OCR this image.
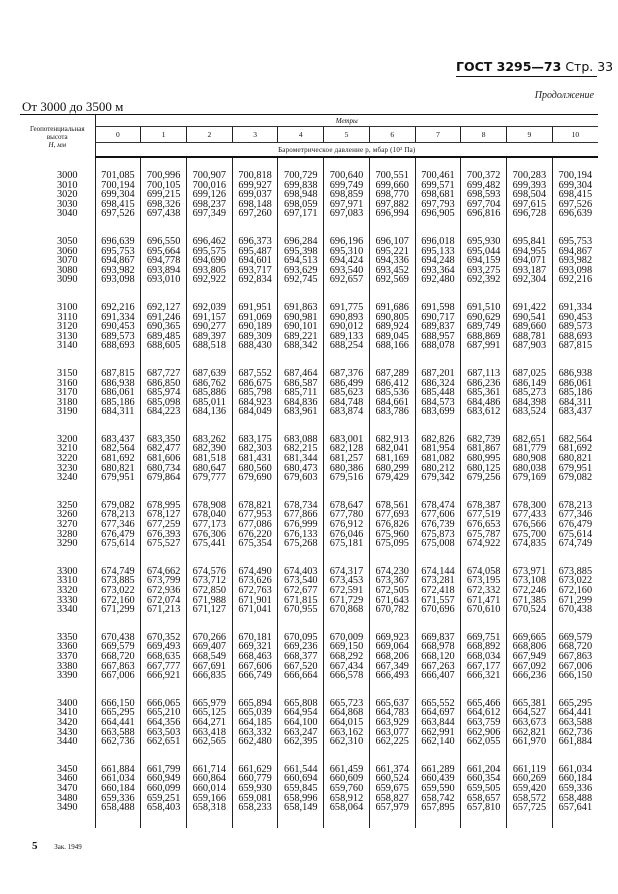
ГОСТ 3295—73 Стр. 33
Продолжение
От 3000 до 3500 м
Геопотенциальная
высота
H, мм	Метры										
	0	1	2	3	4	5	6	7	8	9	10
	Барометрическое давление p, мбар (10² Па)										

3000	701,085	700,996	700,907	700,818	700,729	700,640	700,551	700,461	700,372	700,283	700,194
3010	700,194	700,105	700,016	699,927	699,838	699,749	699,660	699,571	699,482	699,393	699,304
3020	699,304	699,215	699,126	699,037	698,948	698,859	698,770	698,681	698,593	698,504	698,415
3030	698,415	698,326	698,237	698,148	698,059	697,971	697,882	697,793	697,704	697,615	697,526
3040	697,526	697,438	697,349	697,260	697,171	697,083	696,994	696,905	696,816	696,728	696,639

3050	696,639	696,550	696,462	696,373	696,284	696,196	696,107	696,018	695,930	695,841	695,753
3060	695,753	695,664	695,575	695,487	695,398	695,310	695,221	695,133	695,044	694,955	694,867
3070	694,867	694,778	694,690	694,601	694,513	694,424	694,336	694,248	694,159	694,071	693,982
3080	693,982	693,894	693,805	693,717	693,629	693,540	693,452	693,364	693,275	693,187	693,098
3090	693,098	693,010	692,922	692,834	692,745	692,657	692,569	692,480	692,392	692,304	692,216

3100	692,216	692,127	692,039	691,951	691,863	691,775	691,686	691,598	691,510	691,422	691,334
3110	691,334	691,246	691,157	691,069	690,981	690,893	690,805	690,717	690,629	690,541	690,453
3120	690,453	690,365	690,277	690,189	690,101	690,012	689,924	689,837	689,749	689,660	689,573
3130	689,573	689,485	689,397	689,309	689,221	689,133	689,045	688,957	688,869	688,781	688,693
3140	688,693	688,605	688,518	688,430	688,342	688,254	688,166	688,078	687,991	687,903	687,815

3150	687,815	687,727	687,639	687,552	687,464	687,376	687,289	687,201	687,113	687,025	686,938
3160	686,938	686,850	686,762	686,675	686,587	686,499	686,412	686,324	686,236	686,149	686,061
3170	686,061	685,974	685,886	685,798	685,711	685,623	685,536	685,448	685,361	685,273	685,186
3180	685,186	685,098	685,011	684,923	684,836	684,748	684,661	684,573	684,486	684,398	684,311
3190	684,311	684,223	684,136	684,049	683,961	683,874	683,786	683,699	683,612	683,524	683,437

3200	683,437	683,350	683,262	683,175	683,088	683,001	682,913	682,826	682,739	682,651	682,564
3210	682,564	682,477	682,390	682,303	682,215	682,128	682,041	681,954	681,867	681,779	681,692
3220	681,692	681,606	681,518	681,431	681,344	681,257	681,169	681,082	680,995	680,908	680,821
3230	680,821	680,734	680,647	680,560	680,473	680,386	680,299	680,212	680,125	680,038	679,951
3240	679,951	679,864	679,777	679,690	679,603	679,516	679,429	679,342	679,256	679,169	679,082

3250	679,082	678,995	678,908	678,821	678,734	678,647	678,561	678,474	678,387	678,300	678,213
3260	678,213	678,127	678,040	677,953	677,866	677,780	677,693	677,606	677,519	677,433	677,346
3270	677,346	677,259	677,173	677,086	676,999	676,912	676,826	676,739	676,653	676,566	676,479
3280	676,479	676,393	676,306	676,220	676,133	676,046	675,960	675,873	675,787	675,700	675,614
3290	675,614	675,527	675,441	675,354	675,268	675,181	675,095	675,008	674,922	674,835	674,749

3300	674,749	674,662	674,576	674,490	674,403	674,317	674,230	674,144	674,058	673,971	673,885
3310	673,885	673,799	673,712	673,626	673,540	673,453	673,367	673,281	673,195	673,108	673,022
3320	673,022	672,936	672,850	672,763	672,677	672,591	672,505	672,418	672,332	672,246	672,160
3330	672,160	672,074	671,988	671,901	671,815	671,729	671,643	671,557	671,471	671,385	671,299
3340	671,299	671,213	671,127	671,041	670,955	670,868	670,782	670,696	670,610	670,524	670,438

3350	670,438	670,352	670,266	670,181	670,095	670,009	669,923	669,837	669,751	669,665	669,579
3360	669,579	669,493	669,407	669,321	669,236	669,150	669,064	668,978	668,892	668,806	668,720
3370	668,720	668,635	668,549	668,463	668,377	668,292	668,206	668,120	668,034	667,949	667,863
3380	667,863	667,777	667,691	667,606	667,520	667,434	667,349	667,263	667,177	667,092	667,006
3390	667,006	666,921	666,835	666,749	666,664	666,578	666,493	666,407	666,321	666,236	666,150

3400	666,150	666,065	665,979	665,894	665,808	665,723	665,637	665,552	665,466	665,381	665,295
3410	665,295	665,210	665,125	665,039	664,954	664,868	664,783	664,697	664,612	664,527	664,441
3420	664,441	664,356	664,271	664,185	664,100	664,015	663,929	663,844	663,759	663,673	663,588
3430	663,588	663,503	663,418	663,332	663,247	663,162	663,077	662,991	662,906	662,821	662,736
3440	662,736	662,651	662,565	662,480	662,395	662,310	662,225	662,140	662,055	661,970	661,884

3450	661,884	661,799	661,714	661,629	661,544	661,459	661,374	661,289	661,204	661,119	661,034
3460	661,034	660,949	660,864	660,779	660,694	660,609	660,524	660,439	660,354	660,269	660,184
3470	660,184	660,099	660,014	659,930	659,845	659,760	659,675	659,590	659,505	659,420	659,336
3480	659,336	659,251	659,166	659,081	658,996	658,912	658,827	658,742	658,657	658,572	658,488
3490	658,488	658,403	658,318	658,233	658,149	658,064	657,979	657,895	657,810	657,725	657,641

5 Зак. 1949
